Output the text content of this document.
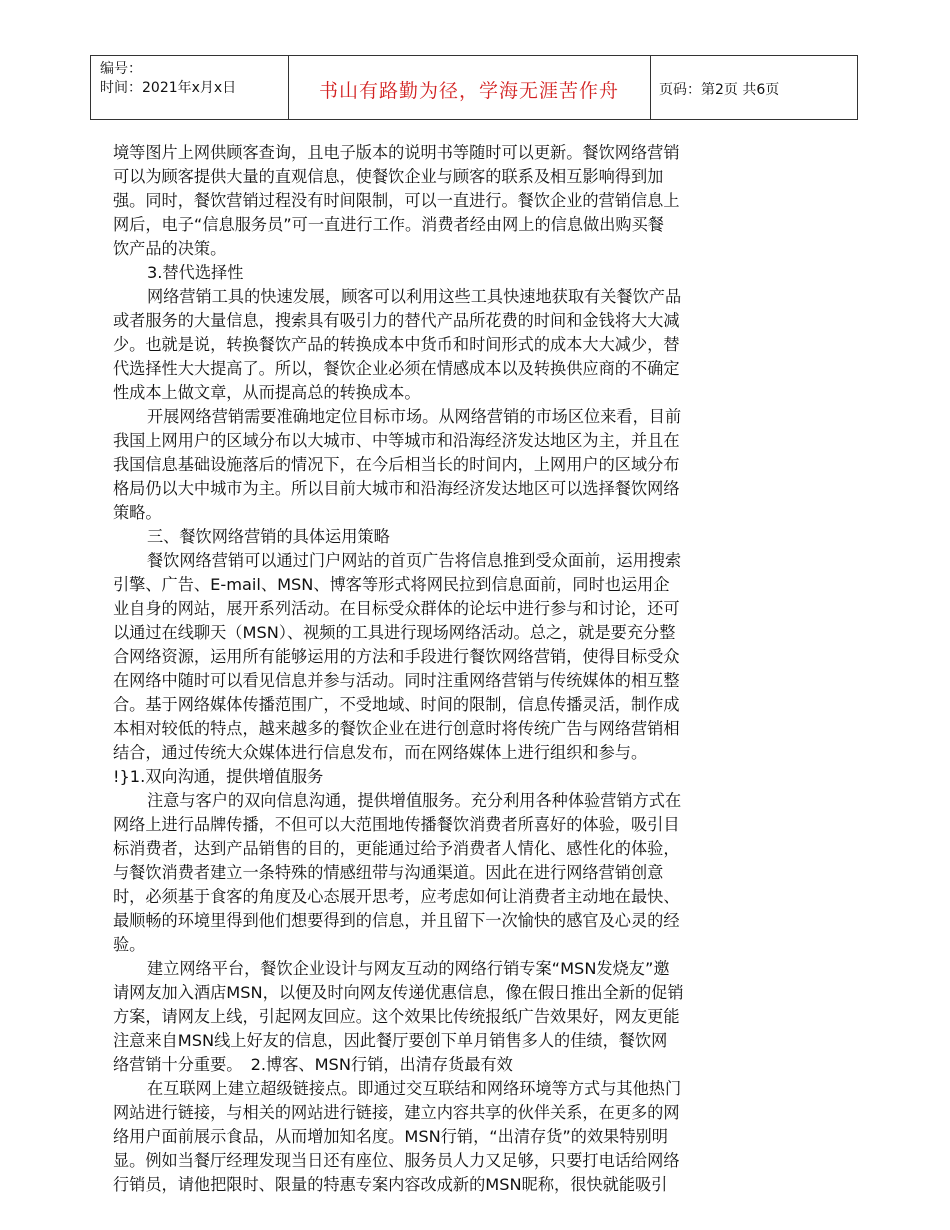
编号：
时间：2021年x月x日	书山有路勤为径，学海无涯苦作舟	页码：第2页 共6页
境等图片上网供顾客查询，且电子版本的说明书等随时可以更新。餐饮网络营销
可以为顾客提供大量的直观信息，使餐饮企业与顾客的联系及相互影响得到加
强。同时，餐饮营销过程没有时间限制，可以一直进行。餐饮企业的营销信息上
网后，电子“信息服务员”可一直进行工作。消费者经由网上的信息做出购买餐
饮产品的决策。
3.替代选择性
网络营销工具的快速发展，顾客可以利用这些工具快速地获取有关餐饮产品
或者服务的大量信息，搜索具有吸引力的替代产品所花费的时间和金钱将大大减
少。也就是说，转换餐饮产品的转换成本中货币和时间形式的成本大大减少，替
代选择性大大提高了。所以，餐饮企业必须在情感成本以及转换供应商的不确定
性成本上做文章，从而提高总的转换成本。
开展网络营销需要准确地定位目标市场。从网络营销的市场区位来看，目前
我国上网用户的区域分布以大城市、中等城市和沿海经济发达地区为主，并且在
我国信息基础设施落后的情况下，在今后相当长的时间内，上网用户的区域分布
格局仍以大中城市为主。所以目前大城市和沿海经济发达地区可以选择餐饮网络
策略。
三、餐饮网络营销的具体运用策略
餐饮网络营销可以通过门户网站的首页广告将信息推到受众面前，运用搜索
引擎、广告、E-mail、MSN、博客等形式将网民拉到信息面前，同时也运用企
业自身的网站，展开系列活动。在目标受众群体的论坛中进行参与和讨论，还可
以通过在线聊天（MSN）、视频的工具进行现场网络活动。总之，就是要充分整
合网络资源，运用所有能够运用的方法和手段进行餐饮网络营销，使得目标受众
在网络中随时可以看见信息并参与活动。同时注重网络营销与传统媒体的相互整
合。基于网络媒体传播范围广，不受地域、时间的限制，信息传播灵活，制作成
本相对较低的特点，越来越多的餐饮企业在进行创意时将传统广告与网络营销相
结合，通过传统大众媒体进行信息发布，而在网络媒体上进行组织和参与。
!}1.双向沟通，提供增值服务
注意与客户的双向信息沟通，提供增值服务。充分利用各种体验营销方式在
网络上进行品牌传播，不但可以大范围地传播餐饮消费者所喜好的体验，吸引目
标消费者，达到产品销售的目的，更能通过给予消费者人情化、感性化的体验，
与餐饮消费者建立一条特殊的情感纽带与沟通渠道。因此在进行网络营销创意
时，必须基于食客的角度及心态展开思考，应考虑如何让消费者主动地在最快、
最顺畅的环境里得到他们想要得到的信息，并且留下一次愉快的感官及心灵的经
验。
建立网络平台，餐饮企业设计与网友互动的网络行销专案“MSN发烧友”邀
请网友加入酒店MSN，以便及时向网友传递优惠信息，像在假日推出全新的促销
方案，请网友上线，引起网友回应。这个效果比传统报纸广告效果好，网友更能
注意来自MSN线上好友的信息，因此餐厅要创下单月销售多人的佳绩，餐饮网
络营销十分重要。　2.博客、MSN行销，出清存货最有效
在互联网上建立超级链接点。即通过交互联结和网络环境等方式与其他热门
网站进行链接，与相关的网站进行链接，建立内容共享的伙伴关系，在更多的网
络用户面前展示食品，从而增加知名度。MSN行销，“出清存货”的效果特别明
显。例如当餐厅经理发现当日还有座位、服务员人力又足够，只要打电话给网络
行销员，请他把限时、限量的特惠专案内容改成新的MSN昵称，很快就能吸引
